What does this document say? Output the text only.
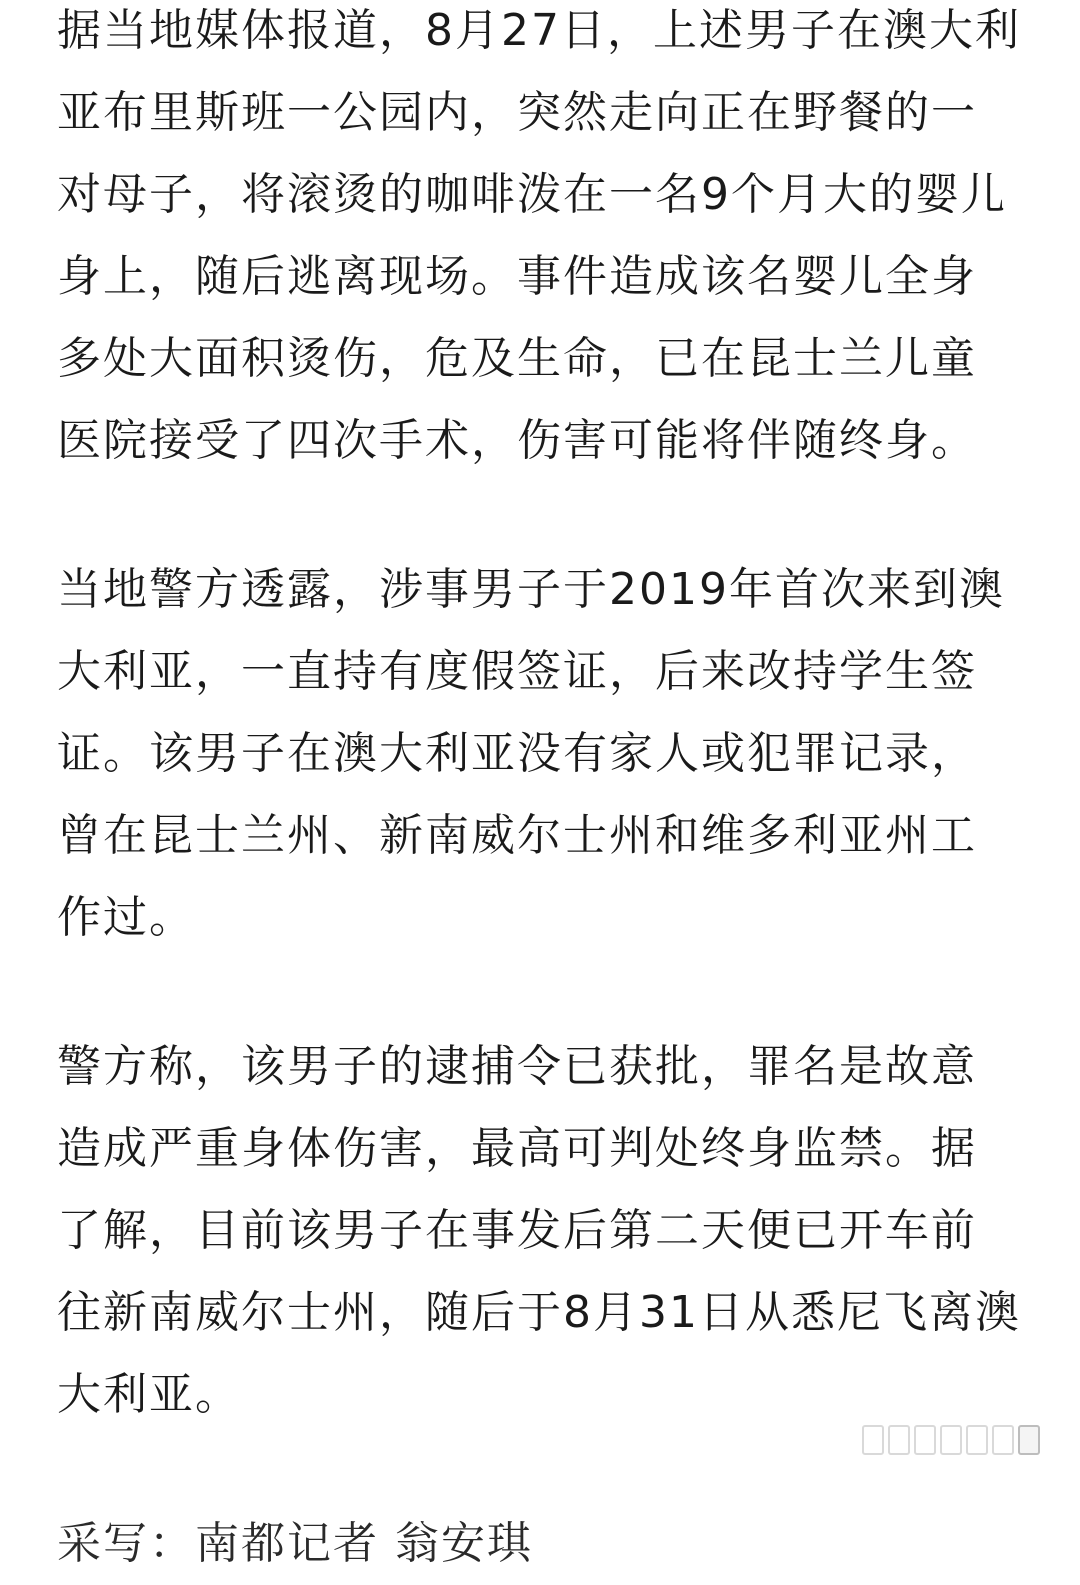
据当地媒体报道，8月27日，上述男子在澳大利
亚布里斯班一公园内，突然走向正在野餐的一
对母子，将滚烫的咖啡泼在一名9个月大的婴儿
身上，随后逃离现场。事件造成该名婴儿全身
多处大面积烫伤，危及生命，已在昆士兰儿童
医院接受了四次手术，伤害可能将伴随终身。
当地警方透露，涉事男子于2019年首次来到澳
大利亚，一直持有度假签证，后来改持学生签
证。该男子在澳大利亚没有家人或犯罪记录，
曾在昆士兰州、新南威尔士州和维多利亚州工
作过。
警方称，该男子的逮捕令已获批，罪名是故意
造成严重身体伤害，最高可判处终身监禁。据
了解，目前该男子在事发后第二天便已开车前
往新南威尔士州，随后于8月31日从悉尼飞离澳
大利亚。
采写：南都记者 翁安琪
